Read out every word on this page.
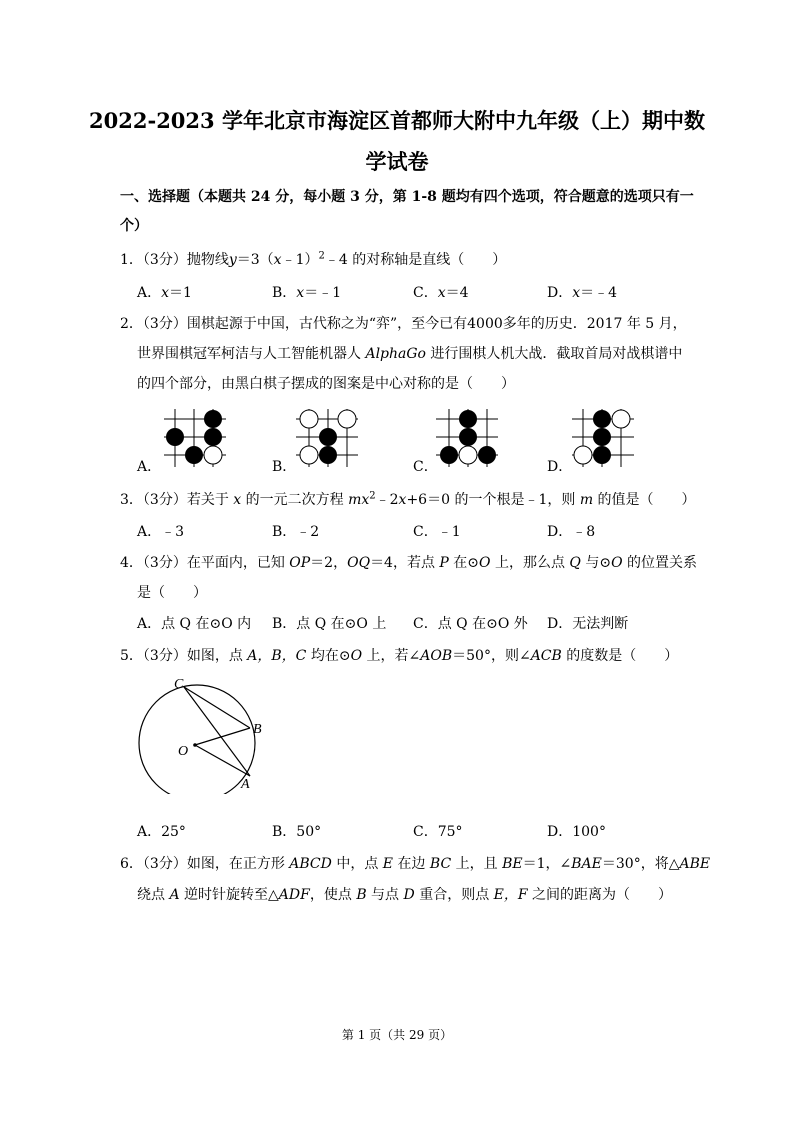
2022-2023 学年北京市海淀区首都师大附中九年级（上）期中数
学试卷
一、选择题（本题共 24 分，每小题 3 分，第 1-8 题均有四个选项，符合题意的选项只有一
个）
1．（3分）抛物线y＝3（x﹣1）$^2$﹣4 的对称轴是直线（　　）
A．x＝1	B．x＝﹣1	C．x＝4	D．x＝﹣4
2．（3分）围棋起源于中国，古代称之为“弈”，至今已有4000多年的历史．2017 年 5 月，
世界围棋冠军柯洁与人工智能机器人 AlphaGo 进行围棋人机大战．截取首局对战棋谱中
的四个部分，由黑白棋子摆成的图案是中心对称的是（　　）
A．	B．	C．	D．
3．（3分）若关于 x 的一元二次方程 $mx^2﹣2x+6=0$ 的一个根是﹣1，则 m 的值是（　　）
A．﹣3	B．﹣2	C．﹣1	D．﹣8
4．（3分）在平面内，已知 OP＝2，OQ＝4，若点 P 在⊙O 上，那么点 Q 与⊙O 的位置关系
是（　　）
A．点 Q 在⊙O 内 B．点 Q 在⊙O 上 C．点 Q 在⊙O 外 D．无法判断
5．（3分）如图，点 A，B，C 均在⊙O 上，若∠AOB＝50°，则∠ACB 的度数是（　　）
C
B
O
A
A．25°	B．50°	C．75°	D．100°
6．（3分）如图，在正方形 ABCD 中，点 E 在边 BC 上，且 BE＝1，∠BAE＝30°，将△ABE
绕点 A 逆时针旋转至△ADF，使点 B 与点 D 重合，则点 E，F 之间的距离为（　　）
第 1 页（共 29 页）
